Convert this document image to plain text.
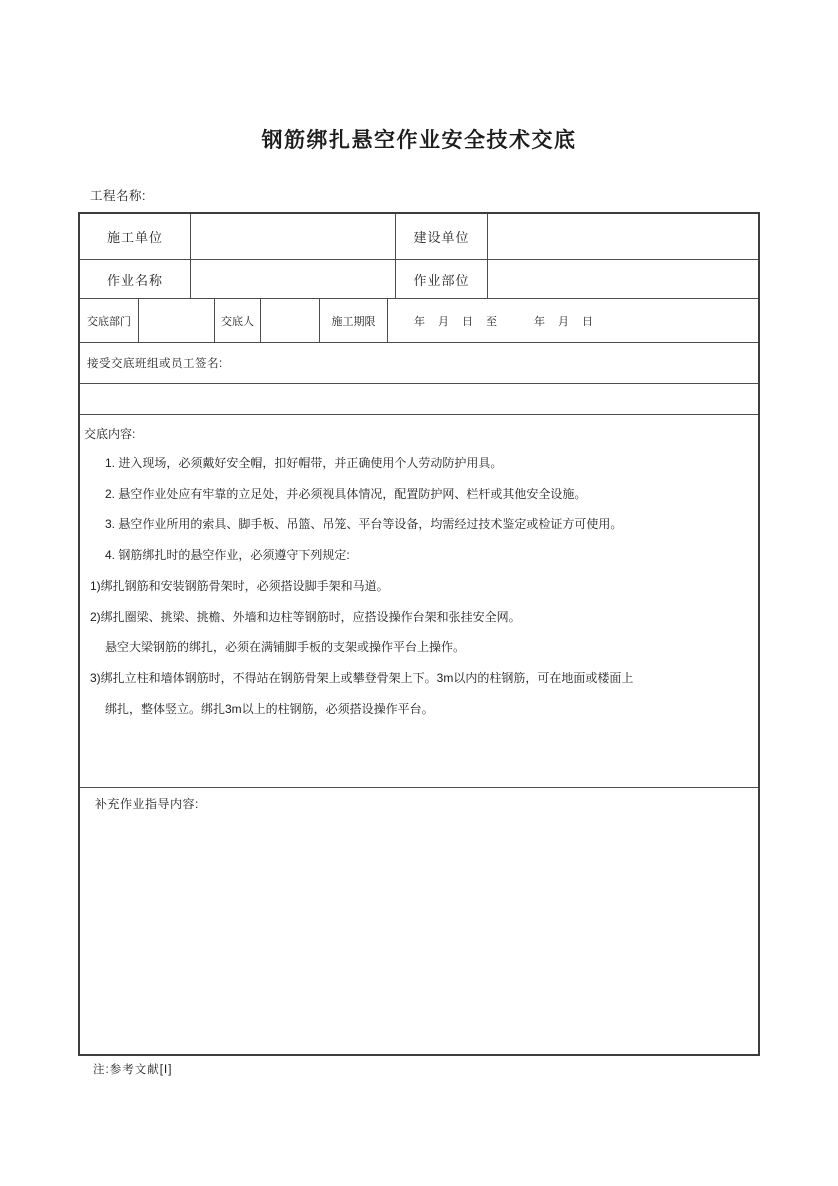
钢筋绑扎悬空作业安全技术交底
工程名称:
施工单位	建设单位
作业名称	作业部位
交底部门	交底人	施工期限	年　月　日　至　　　年　月　日
接受交底班组或员工签名:
交底内容:
1. 进入现场，必须戴好安全帽，扣好帽带，并正确使用个人劳动防护用具。
2. 悬空作业处应有牢靠的立足处，并必须视具体情况，配置防护网、栏杆或其他安全设施。
3. 悬空作业所用的索具、脚手板、吊篮、吊笼、平台等设备，均需经过技术鉴定或检证方可使用。
4. 钢筋绑扎时的悬空作业，必须遵守下列规定:
1)绑扎钢筋和安装钢筋骨架时，必须搭设脚手架和马道。
2)绑扎圈梁、挑梁、挑檐、外墙和边柱等钢筋时，应搭设操作台架和张挂安全网。
悬空大梁钢筋的绑扎，必须在满铺脚手板的支架或操作平台上操作。
3)绑扎立柱和墙体钢筋时，不得站在钢筋骨架上或攀登骨架上下。3m以内的柱钢筋，可在地面或楼面上
绑扎，整体竖立。绑扎3m以上的柱钢筋，必须搭设操作平台。
补充作业指导内容:
注:参考文献[Ⅰ]
